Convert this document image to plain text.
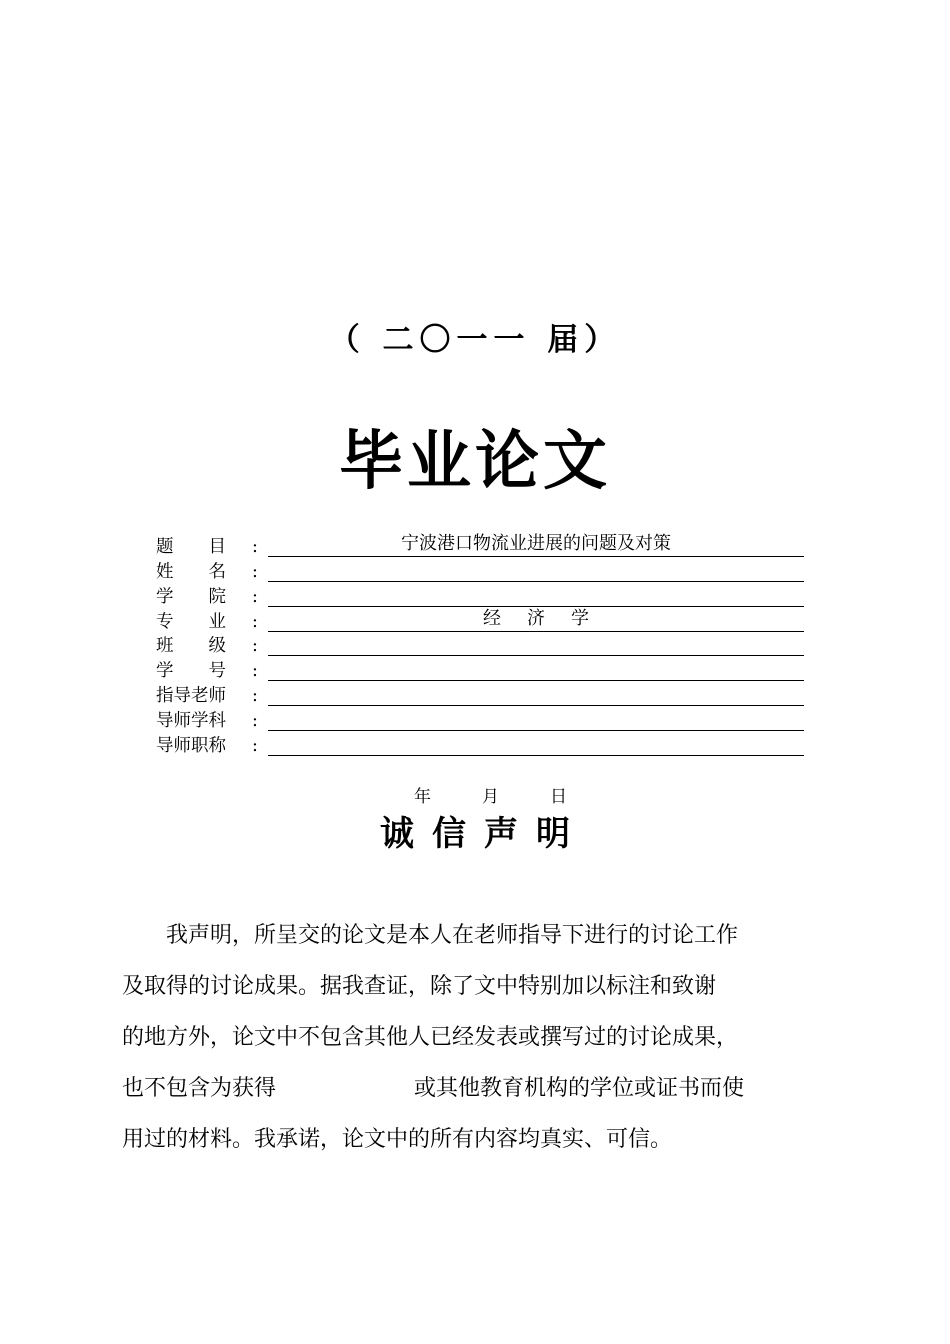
（ 二〇一一 届）
毕业论文
题　　目	:	宁波港口物流业进展的问题及对策
姓　　名	:
学　　院	:
专　　业	:	经济学
班　　级	:
学　　号	:
指导老师	:
导师学科	:
导师职称	:
年	月	日
诚信声明

我声明，所呈交的论文是本人在老师指导下进行的讨论工作

及取得的讨论成果。据我查证，除了文中特别加以标注和致谢

的地方外，论文中不包含其他人已经发表或撰写过的讨论成果，

也不包含为获得	或其他教育机构的学位或证书而使

用过的材料。我承诺，论文中的所有内容均真实、可信。
